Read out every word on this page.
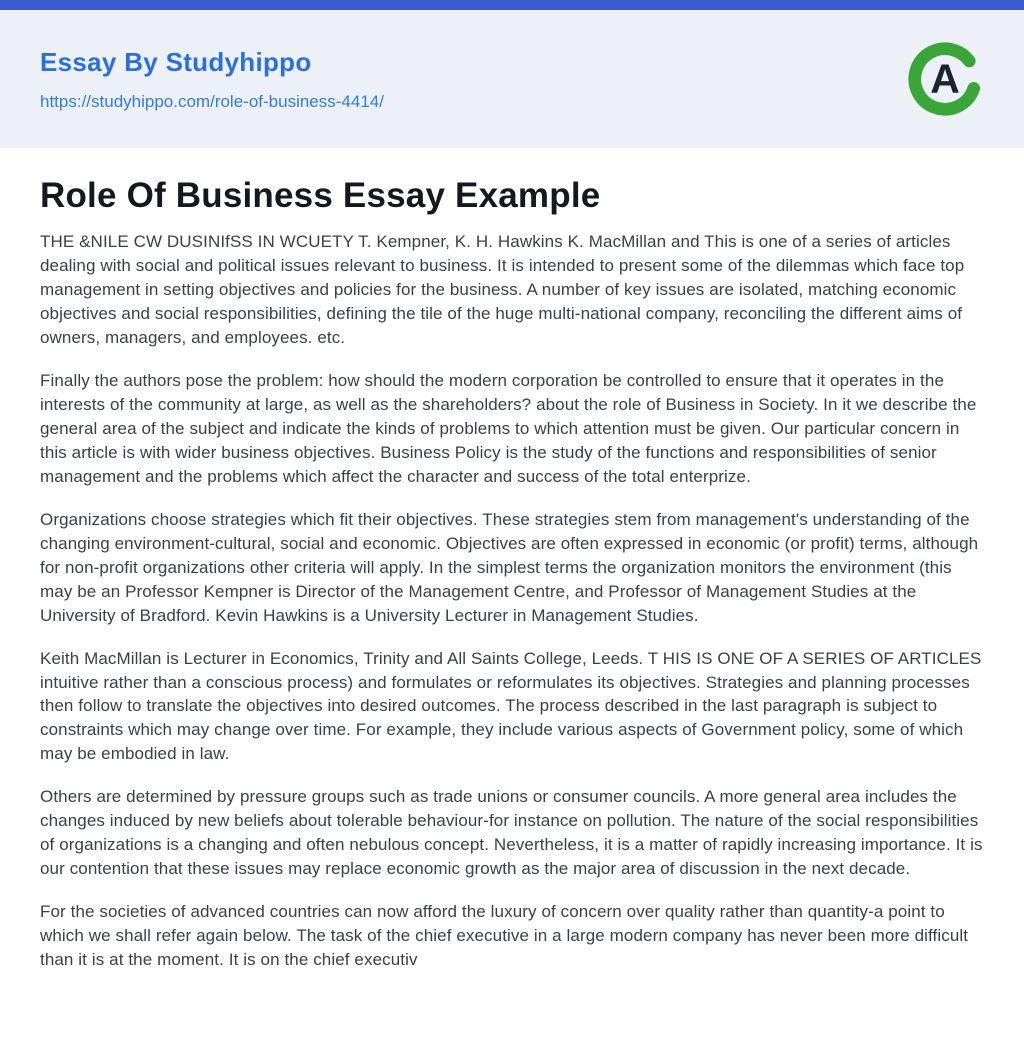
Essay By Studyhippo
https://studyhippo.com/role-of-business-4414/	A
Role Of Business Essay Example

THE &NILE CW DUSINIfSS IN WCUETY T. Kempner, K. H. Hawkins K. MacMillan and This is one of a series of articles dealing with social and political issues relevant to business. It is intended to present some of the dilemmas which face top management in setting objectives and policies for the business. A number of key issues are isolated, matching economic objectives and social responsibilities, defining the tile of the huge multi-national company, reconciling the different aims of owners, managers, and employees. etc.

Finally the authors pose the problem: how should the modern corporation be controlled to ensure that it operates in the interests of the community at large, as well as the shareholders? about the role of Business in Society. In it we describe the general area of the subject and indicate the kinds of problems to which attention must be given. Our particular concern in this article is with wider business objectives. Business Policy is the study of the functions and responsibilities of senior management and the problems which affect the character and success of the total enterprize.

Organizations choose strategies which fit their objectives. These strategies stem from management's understanding of the changing environment-cultural, social and economic. Objectives are often expressed in economic (or profit) terms, although for non-profit organizations other criteria will apply. In the simplest terms the organization monitors the environment (this may be an Professor Kempner is Director of the Management Centre, and Professor of Management Studies at the University of Bradford. Kevin Hawkins is a University Lecturer in Management Studies.

Keith MacMillan is Lecturer in Economics, Trinity and All Saints College, Leeds. T HIS IS ONE OF A SERIES OF ARTICLES intuitive rather than a conscious process) and formulates or reformulates its objectives. Strategies and planning processes then follow to translate the objectives into desired outcomes. The process described in the last paragraph is subject to constraints which may change over time. For example, they include various aspects of Government policy, some of which may be embodied in law.

Others are determined by pressure groups such as trade unions or consumer councils. A more general area includes the changes induced by new beliefs about tolerable behaviour-for instance on pollution. The nature of the social responsibilities of organizations is a changing and often nebulous concept. Nevertheless, it is a matter of rapidly increasing importance. It is our contention that these issues may replace economic growth as the major area of discussion in the next decade.

For the societies of advanced countries can now afford the luxury of concern over quality rather than quantity-a point to which we shall refer again below. The task of the chief executive in a large modern company has never been more difficult than it is at the moment. It is on the chief executiv
